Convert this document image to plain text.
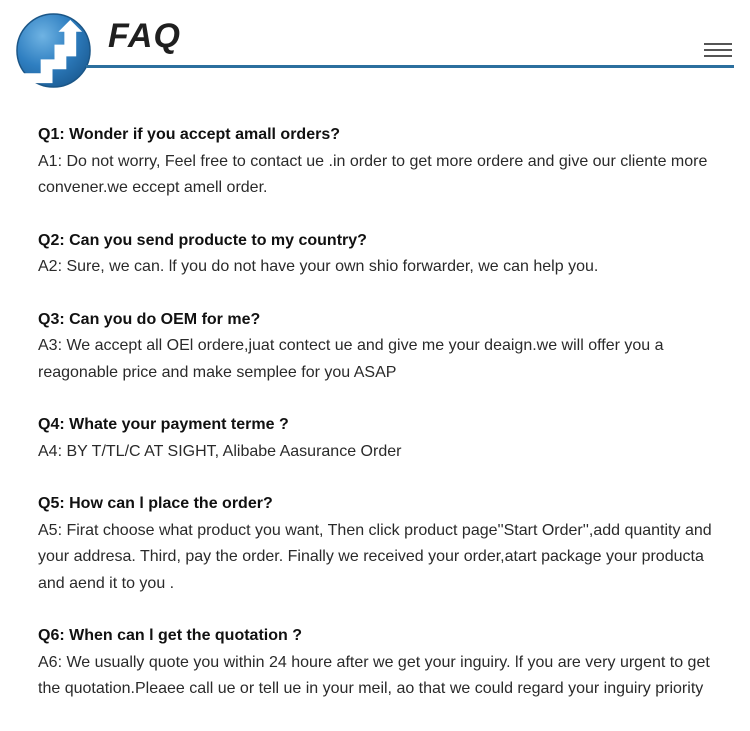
FAQ
Q1: Wonder if you accept amall orders?
A1: Do not worry, Feel free to contact ue .in order to get more ordere and give our cliente more convener.we eccept amell order.
Q2: Can you send producte to my country?
A2: Sure, we can. lf you do not have your own shio forwarder, we can help you.
Q3: Can you do OEM for me?
A3: We accept all OEl ordere,juat contect ue and give me your deaign.we will offer you a reagonable price and make semplee for you ASAP
Q4: Whate your payment terme ?
A4: BY T/TL/C AT SIGHT, Alibabe Aasurance Order
Q5: How can l place the order?
A5: Firat choose what product you want, Then click product page''Start Order'',add quantity and your addresa. Third, pay the order. Finally we received your order,atart package your producta and aend it to you .
Q6: When can l get the quotation ?
A6: We usually quote you within 24 houre after we get your inguiry. lf you are very urgent to get the quotation.Pleaee call ue or tell ue in your meil, ao that we could regard your inguiry priority
